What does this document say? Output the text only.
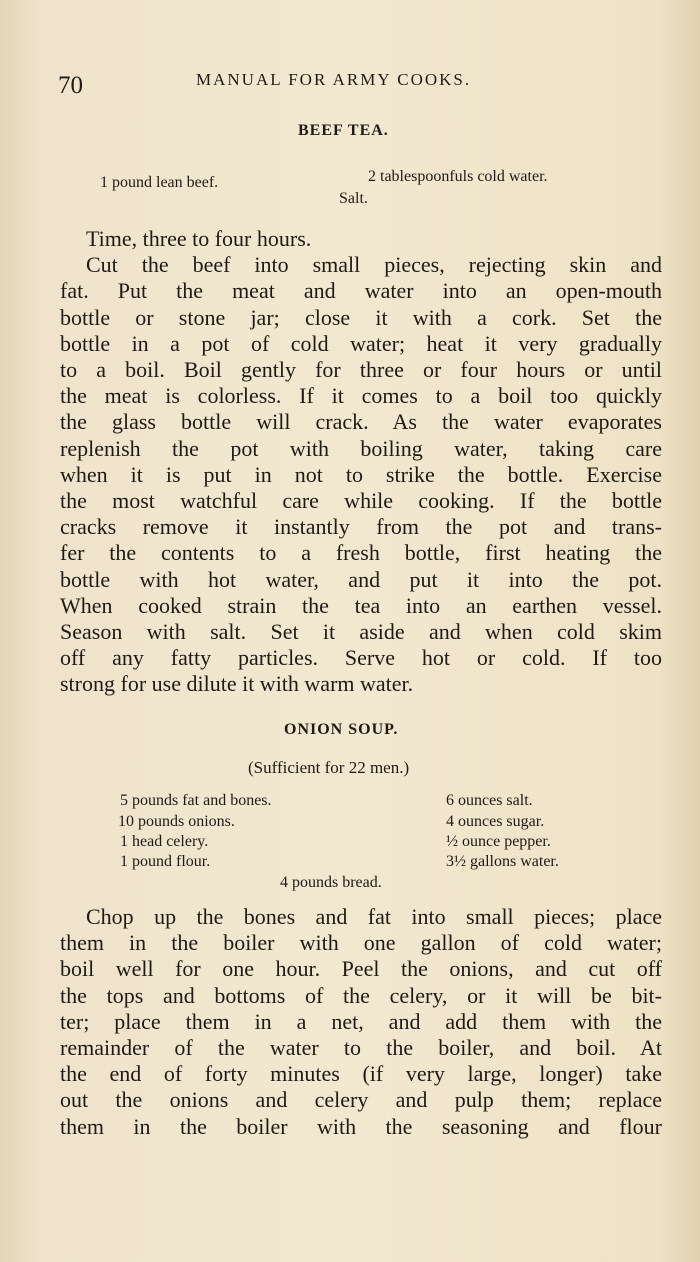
70	MANUAL FOR ARMY COOKS.
BEEF TEA.
1 pound lean beef.	2 tablespoonfuls cold water.
Salt.
Time, three to four hours.
Cut the beef into small pieces, rejecting skin and
fat. Put the meat and water into an open-mouth
bottle or stone jar; close it with a cork. Set the
bottle in a pot of cold water; heat it very gradually
to a boil. Boil gently for three or four hours or until
the meat is colorless. If it comes to a boil too quickly
the glass bottle will crack. As the water evaporates
replenish the pot with boiling water, taking care
when it is put in not to strike the bottle. Exercise
the most watchful care while cooking. If the bottle
cracks remove it instantly from the pot and trans-
fer the contents to a fresh bottle, first heating the
bottle with hot water, and put it into the pot.
When cooked strain the tea into an earthen vessel.
Season with salt. Set it aside and when cold skim
off any fatty particles. Serve hot or cold. If too
strong for use dilute it with warm water.
ONION SOUP.
(Sufficient for 22 men.)
5 pounds fat and bones.
10 pounds onions.
1 head celery.
1 pound flour.
6 ounces salt.
4 ounces sugar.
½ ounce pepper.
3½ gallons water.
4 pounds bread.
Chop up the bones and fat into small pieces; place
them in the boiler with one gallon of cold water;
boil well for one hour. Peel the onions, and cut off
the tops and bottoms of the celery, or it will be bit-
ter; place them in a net, and add them with the
remainder of the water to the boiler, and boil. At
the end of forty minutes (if very large, longer) take
out the onions and celery and pulp them; replace
them in the boiler with the seasoning and flour
